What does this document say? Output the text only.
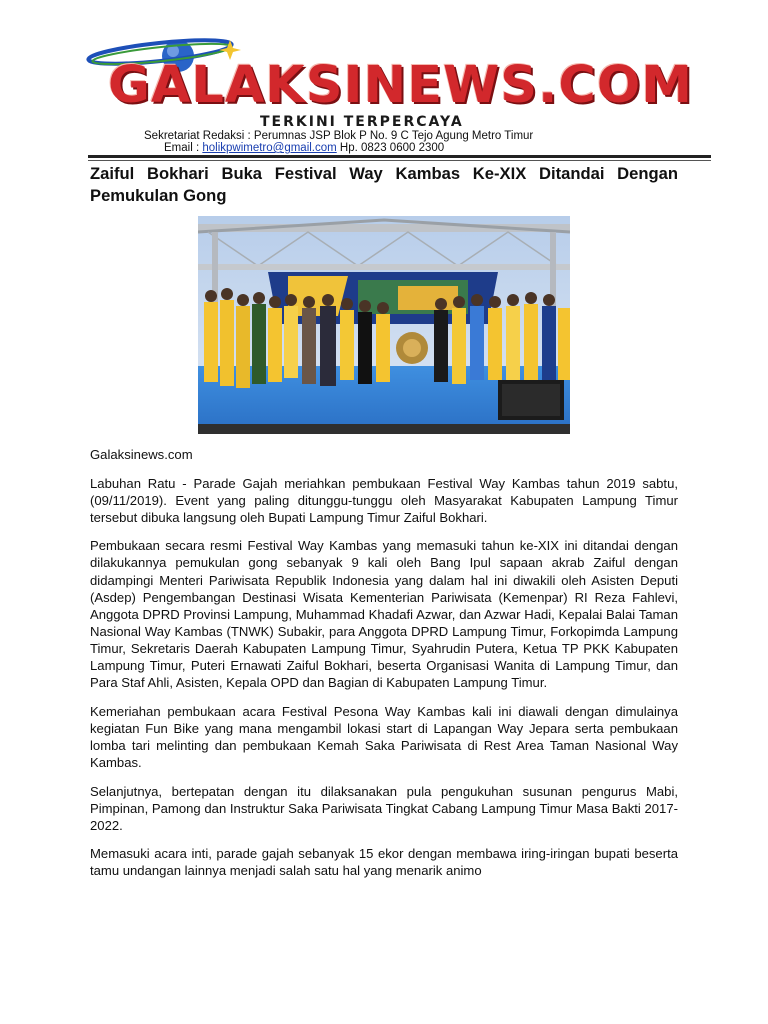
GALAKSINEWS.COM
TERKINI TERPERCAYA
Sekretariat Redaksi : Perumnas JSP Blok P No. 9 C Tejo Agung Metro Timur
Email : holikpwimetro@gmail.com Hp. 0823 0600 2300
Zaiful Bokhari Buka Festival Way Kambas Ke-XIX Ditandai Dengan Pemukulan Gong

Galaksinews.com

Labuhan Ratu - Parade Gajah meriahkan pembukaan Festival Way Kambas tahun 2019 sabtu, (09/11/2019). Event yang paling ditunggu-tunggu oleh Masyarakat Kabupaten Lampung Timur tersebut dibuka langsung oleh Bupati Lampung Timur Zaiful Bokhari.

Pembukaan secara resmi Festival Way Kambas yang memasuki tahun ke-XIX ini ditandai dengan dilakukannya pemukulan gong sebanyak 9 kali oleh Bang Ipul sapaan akrab Zaiful dengan didampingi Menteri Pariwisata Republik Indonesia yang dalam hal ini diwakili oleh Asisten Deputi (Asdep) Pengembangan Destinasi Wisata Kementerian Pariwisata (Kemenpar) RI Reza Fahlevi, Anggota DPRD Provinsi Lampung, Muhammad Khadafi Azwar, dan Azwar Hadi, Kepalai Balai Taman Nasional Way Kambas (TNWK) Subakir, para Anggota DPRD Lampung Timur, Forkopimda Lampung Timur, Sekretaris Daerah Kabupaten Lampung Timur, Syahrudin Putera, Ketua TP PKK Kabupaten Lampung Timur, Puteri Ernawati Zaiful Bokhari, beserta Organisasi Wanita di Lampung Timur, dan Para Staf Ahli, Asisten, Kepala OPD dan Bagian di Kabupaten Lampung Timur.

Kemeriahan pembukaan acara Festival Pesona Way Kambas kali ini diawali dengan dimulainya kegiatan Fun Bike yang mana mengambil lokasi start di Lapangan Way Jepara serta pembukaan lomba tari melinting dan pembukaan Kemah Saka Pariwisata di Rest Area Taman Nasional Way Kambas.

Selanjutnya, bertepatan dengan itu dilaksanakan pula pengukuhan susunan pengurus Mabi, Pimpinan, Pamong dan Instruktur Saka Pariwisata Tingkat Cabang Lampung Timur Masa Bakti 2017-2022.

Memasuki acara inti, parade gajah sebanyak 15 ekor dengan membawa iring-iringan bupati beserta tamu undangan lainnya menjadi salah satu hal yang menarik animo
